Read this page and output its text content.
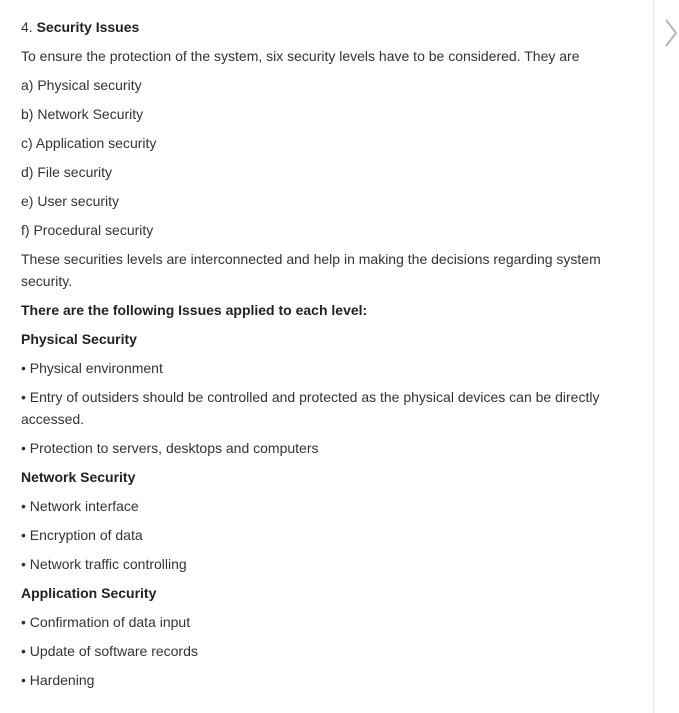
4. Security Issues

To ensure the protection of the system, six security levels have to be considered. They are

a) Physical security

b) Network Security

c) Application security

d) File security

e) User security

f) Procedural security

These securities levels are interconnected and help in making the decisions regarding system security.

There are the following Issues applied to each level:

Physical Security

• Physical environment

• Entry of outsiders should be controlled and protected as the physical devices can be directly accessed.

• Protection to servers, desktops and computers

Network Security

• Network interface

• Encryption of data

• Network traffic controlling

Application Security

• Confirmation of data input

• Update of software records

• Hardening
